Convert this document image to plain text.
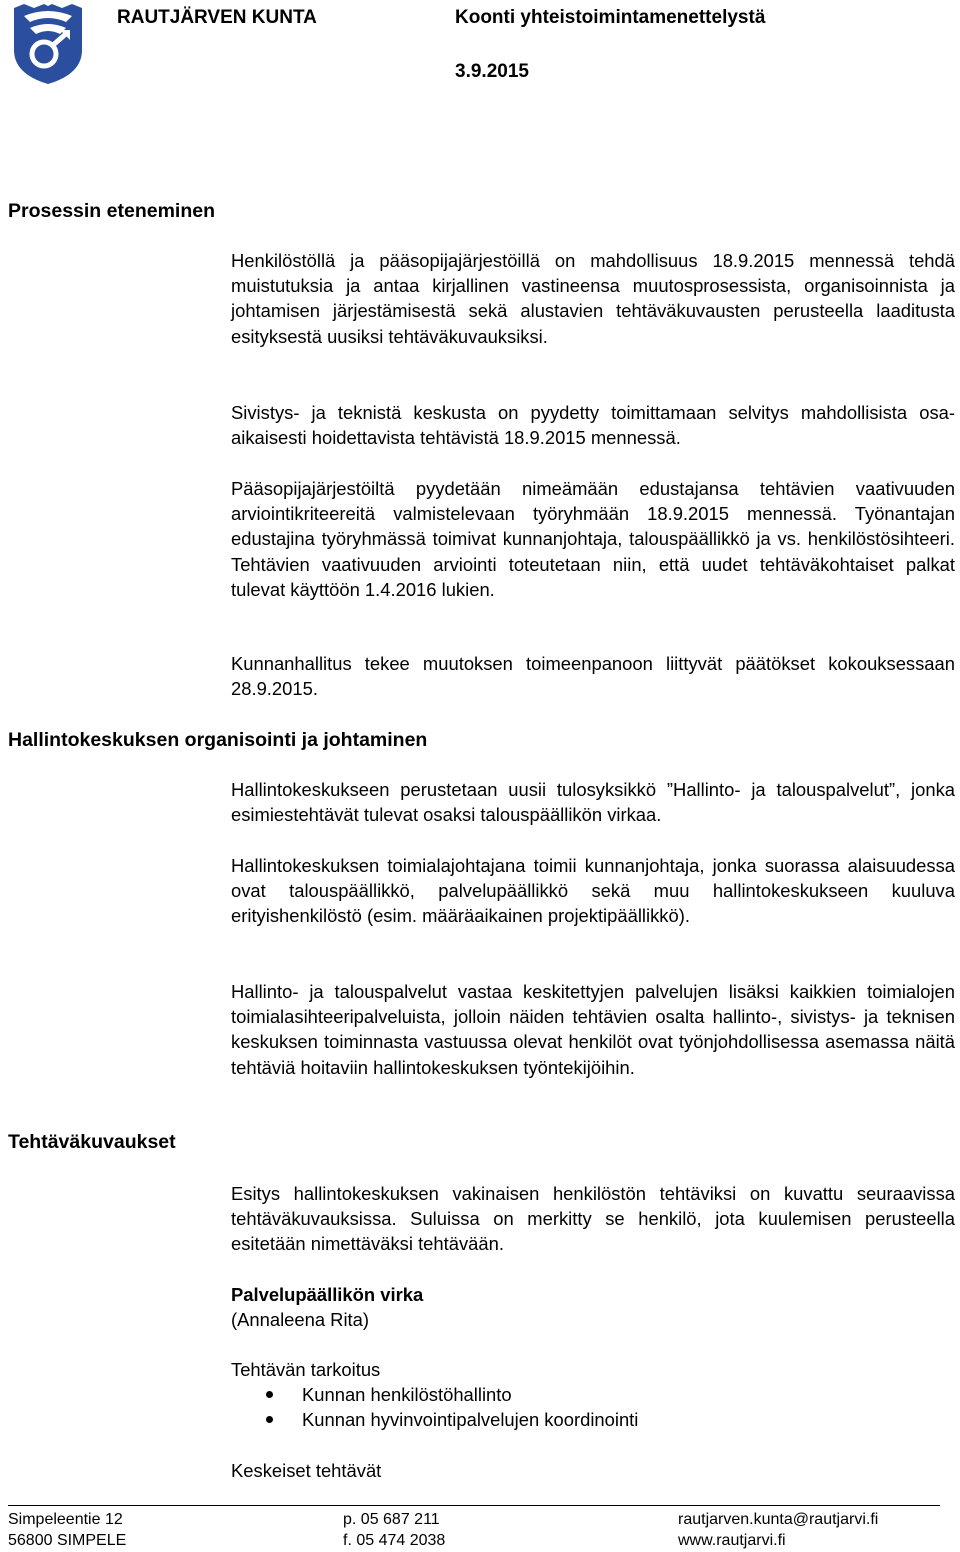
RAUTJÄRVEN KUNTA	Koonti yhteistoimintamenettelystä
3.9.2015
Prosessin eteneminen
Henkilöstöllä ja pääsopijajärjestöillä on mahdollisuus 18.9.2015 mennessä tehdä muistutuksia ja antaa kirjallinen vastineensa muutosprosessista, organisoinnista ja johtamisen järjestämisestä sekä alustavien tehtäväkuvausten perusteella laaditusta esityksestä uusiksi tehtäväkuvauksiksi.
Sivistys- ja teknistä keskusta on pyydetty toimittamaan selvitys mahdollisista osa-aikaisesti hoidettavista tehtävistä 18.9.2015 mennessä.
Pääsopijajärjestöiltä pyydetään nimeämään edustajansa tehtävien vaativuuden arviointikriteereitä valmistelevaan työryhmään 18.9.2015 mennessä. Työnantajan edustajina työryhmässä toimivat kunnanjohtaja, talouspäällikkö ja vs. henkilöstösihteeri. Tehtävien vaativuuden arviointi toteutetaan niin, että uudet tehtäväkohtaiset palkat tulevat käyttöön 1.4.2016 lukien.
Kunnanhallitus tekee muutoksen toimeenpanoon liittyvät päätökset kokouksessaan 28.9.2015.
Hallintokeskuksen organisointi ja johtaminen
Hallintokeskukseen perustetaan uusii tulosyksikkö ”Hallinto- ja talouspalvelut”, jonka esimiestehtävät tulevat osaksi talouspäällikön virkaa.
Hallintokeskuksen toimialajohtajana toimii kunnanjohtaja, jonka suorassa alaisuudessa ovat talouspäällikkö, palvelupäällikkö sekä muu hallintokeskukseen kuuluva erityishenkilöstö (esim. määräaikainen projektipäällikkö).
Hallinto- ja talouspalvelut vastaa keskitettyjen palvelujen lisäksi kaikkien toimialojen toimialasihteeripalveluista, jolloin näiden tehtävien osalta hallinto-, sivistys- ja teknisen keskuksen toiminnasta vastuussa olevat henkilöt ovat työnjohdollisessa asemassa näitä tehtäviä hoitaviin hallintokeskuksen työntekijöihin.
Tehtäväkuvaukset
Esitys hallintokeskuksen vakinaisen henkilöstön tehtäviksi on kuvattu seuraavissa tehtäväkuvauksissa. Suluissa on merkitty se henkilö, jota kuulemisen perusteella esitetään nimettäväksi tehtävään.
Palvelupäällikön virka
(Annaleena Rita)
Tehtävän tarkoitus
Kunnan henkilöstöhallinto
Kunnan hyvinvointipalvelujen koordinointi
Keskeiset tehtävät
Simpeleentie 12
56800 SIMPELE
p. 05 687 211
f. 05 474 2038
rautjarven.kunta@rautjarvi.fi
www.rautjarvi.fi
